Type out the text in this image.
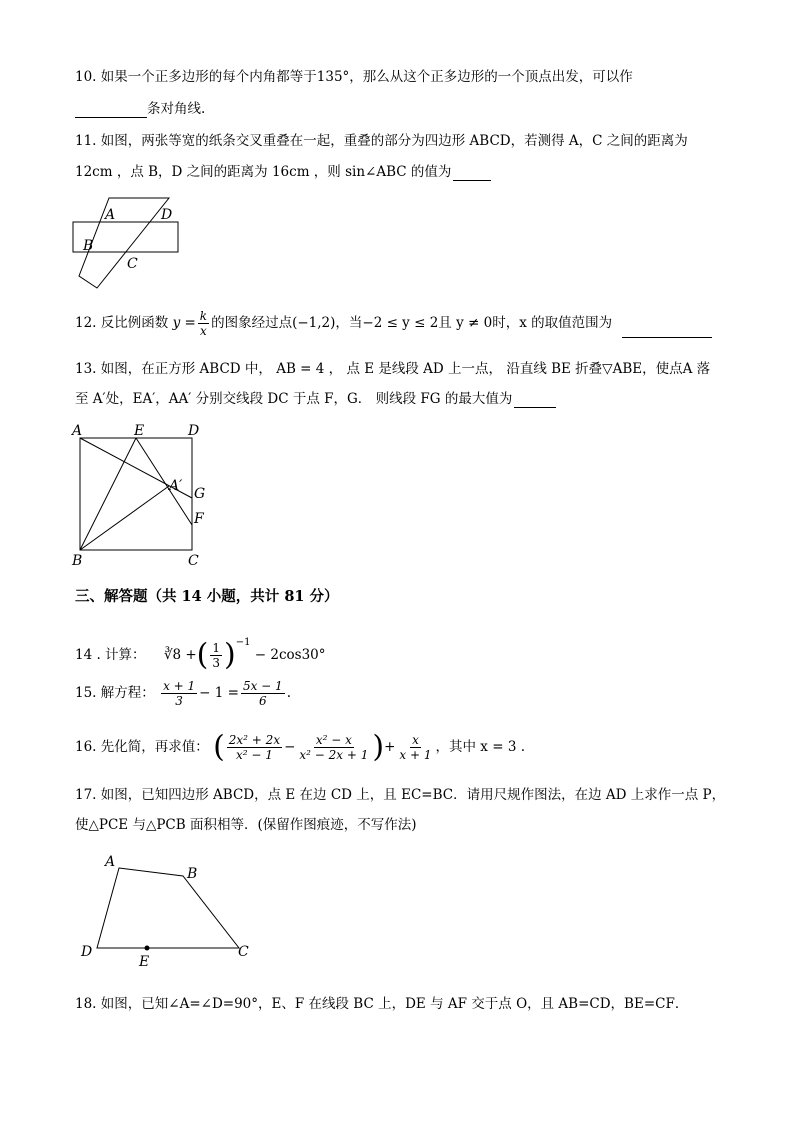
10. 如果一个正多边形的每个内角都等于135°，那么从这个正多边形的一个顶点出发，可以作
条对角线.
11. 如图，两张等宽的纸条交叉重叠在一起，重叠的部分为四边形 ABCD，若测得 A，C 之间的距离为
12cm ，点 B，D 之间的距离为 16cm ，则 sin∠ABC 的值为
A	D
B
C
12. 反比例函数 $y = \frac{k}{x}$ 的图象经过点(−1,2)，当−2 ≤ y ≤ 2且 y ≠ 0时，x 的取值范围为
13. 如图，在正方形 ABCD 中， AB = 4 ， 点 E 是线段 AD 上一点， 沿直线 BE 折叠▽ABE，使点A 落
至 A′处，EA′，AA′ 分别交线段 DC 于点 F，G． 则线段 FG 的最大值为
A	E	D
A′ G
F
B	C
三、解答题（共 14 小题，共计 81 分）
14 . 计算： ∛8 +( $\frac{1}{3} )^{-1} - 2\cos 30^\circ$
15. 解方程： $\frac{x + 1}{3} - 1 = \frac{5x - 1}{6}$ .
16. 先化简，再求值： ( $\frac{\text{2x² + 2x}}{\text{x² − 1}} - \frac{\text{x² − x}}{\text{x² − 2x + 1}}$ )+ $\frac{x}{x + 1}$ ，其中 x = 3 .
17. 如图，已知四边形 ABCD，点 E 在边 CD 上，且 EC=BC．请用尺规作图法，在边 AD 上求作一点 P，
使△PCE 与△PCB 面积相等．(保留作图痕迹，不写作法)
A
B
D
E
C
18. 如图，已知∠A=∠D=90°，E、F 在线段 BC 上，DE 与 AF 交于点 O，且 AB=CD，BE=CF．
